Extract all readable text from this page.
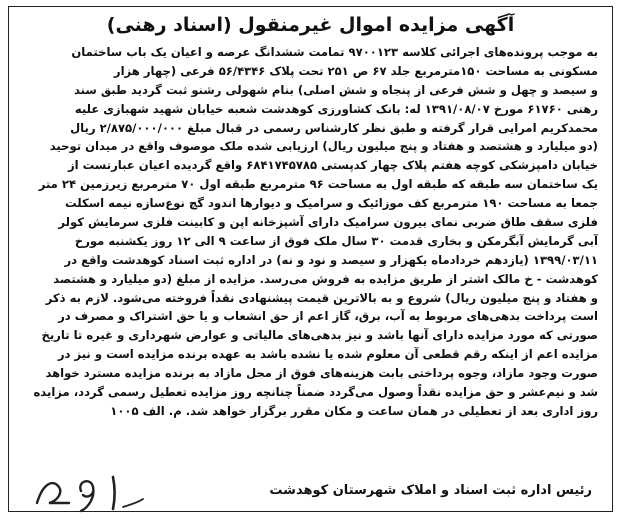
آگهی مزایده اموال غیرمنقول (اسناد رهنی)
به موجب پرونده‌های اجرائی کلاسه ۹۷۰۰۱۲۳ تمامت ششدانگ عرصه و اعیان یک باب ساختمان
مسکونی به مساحت ۱۵۰مترمربع جلد ۶۷ ص ۲۵۱ تحت پلاک ۵۶/۴۳۴۶ فرعی (چهار هزار
و سیصد و چهل و شش فرعی از پنجاه و شش اصلی) بنام شهولی رشنو ثبت گردید طبق سند
رهنی ۶۱۷۶۰ مورخ ۱۳۹۱/۰۸/۰۷ له: بانک کشاورزی کوهدشت شعبه خیابان شهید شهبازی علیه
محمدکریم امرایی قرار گرفته و طبق نظر کارشناس رسمی در قبال مبلغ ۲/۸۷۵/۰۰۰/۰۰۰ ریال
(دو میلیارد و هشتصد و هفتاد و پنج میلیون ریال) ارزیابی شده ملک موصوف واقع در میدان توحید
خیابان دامپزشکی کوچه هفتم پلاک چهار کدپستی ۶۸۴۱۷۴۵۷۸۵ واقع گردیده اعیان عبارتست از
یک ساختمان سه طبقه که طبقه اول به مساحت ۹۶ مترمربع طبقه اول ۷۰ مترمربع زیرزمین ۲۴ متر
جمعا به مساحت ۱۹۰ مترمربع کف موزائیک و سرامیک و دیوارها اندود گچ نوع‌سازه نیمه اسکلت
فلزی سقف طاق ضربی نمای بیرون سرامیک دارای آشپزخانه اپن و کابینت فلزی سرمایش کولر
آبی گرمایش آبگرمکن و بخاری قدمت ۳۰ سال ملک فوق از ساعت ۹ الی ۱۲ روز یکشنبه مورخ
۱۳۹۹/۰۳/۱۱ (یازدهم خردادماه یکهزار و سیصد و نود و نه) در اداره ثبت اسناد کوهدشت واقع در
کوهدشت - خ مالک اشتر از طریق مزایده به فروش می‌رسد. مزایده از مبلغ (دو میلیارد و هشتصد
و هفتاد و پنج میلیون ریال) شروع و به بالاترین قیمت پیشنهادی نقداً فروخته می‌شود. لازم به ذکر
است پرداخت بدهی‌های مربوط به آب، برق، گاز اعم از حق انشعاب و یا حق اشتراک و مصرف در
صورتی که مورد مزایده دارای آنها باشد و نیز بدهی‌های مالیاتی و عوارض شهرداری و غیره تا تاریخ
مزایده اعم از اینکه رقم قطعی آن معلوم شده یا نشده باشد به عهده برنده مزایده است و نیز در
صورت وجود مازاد، وجوه پرداختی بابت هزینه‌های فوق از محل مازاد به برنده مزایده مسترد خواهد
شد و نیم‌عشر و حق مزایده نقداً وصول می‌گردد ضمناً چنانچه روز مزایده تعطیل رسمی گردد، مزایده
روز اداری بعد از تعطیلی در همان ساعت و مکان مقرر برگزار خواهد شد. م. الف ۱۰۰۵
رئیس اداره ثبت اسناد و املاک شهرستان کوهدشت
